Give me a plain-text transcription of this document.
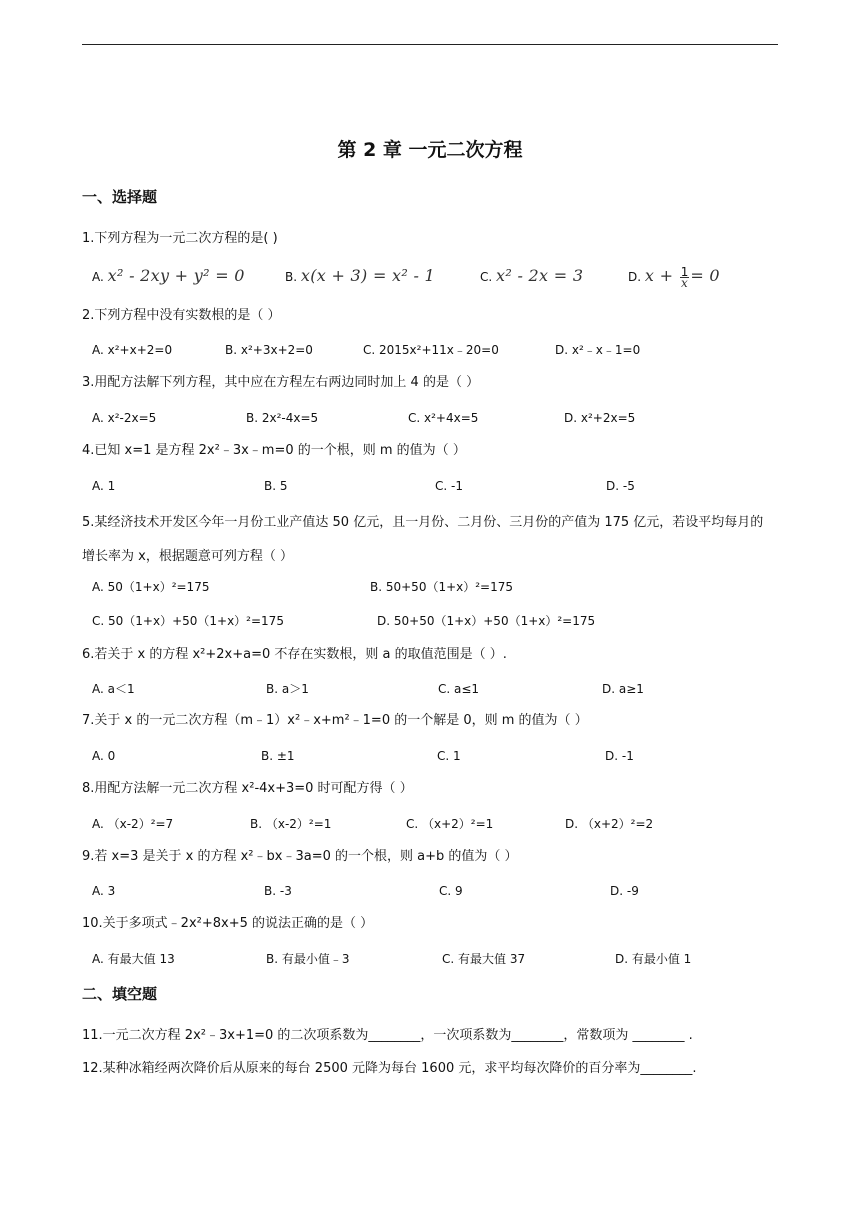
第 2 章 一元二次方程
一、选择题
1.下列方程为一元二次方程的是( )
A. x² - 2xy + y² = 0	B. x(x + 3) = x² - 1	C. x² - 2x = 3	D. $x + \frac{1}{x} = 0$
2.下列方程中没有实数根的是（ ）
A. x²+x+2=0	B. x²+3x+2=0	C. 2015x²+11x﹣20=0	D. x²﹣x﹣1=0
3.用配方法解下列方程，其中应在方程左右两边同时加上 4 的是（ ）
A. x²-2x=5	B. 2x²-4x=5	C. x²+4x=5	D. x²+2x=5
4.已知 x=1 是方程 2x²﹣3x﹣m=0 的一个根，则 m 的值为（ ）
A. 1	B. 5	C. -1	D. -5
5.某经济技术开发区今年一月份工业产值达 50 亿元，且一月份、二月份、三月份的产值为 175 亿元，若设平均每月的增长率为 x，根据题意可列方程（ ）
A. 50（1+x）²=175	B. 50+50（1+x）²=175
C. 50（1+x）+50（1+x）²=175	D. 50+50（1+x）+50（1+x）²=175
6.若关于 x 的方程 x²+2x+a=0 不存在实数根，则 a 的取值范围是（ ）.
A. a＜1	B. a＞1	C. a≤1	D. a≥1
7.关于 x 的一元二次方程（m﹣1）x²﹣x+m²﹣1=0 的一个解是 0，则 m 的值为（ ）
A. 0	B. ±1	C. 1	D. -1
8.用配方法解一元二次方程 x²-4x+3=0 时可配方得（ ）
A. （x-2）²=7	B. （x-2）²=1	C. （x+2）²=1	D. （x+2）²=2
9.若 x=3 是关于 x 的方程 x²﹣bx﹣3a=0 的一个根，则 a+b 的值为（ ）
A. 3	B. -3	C. 9	D. -9
10.关于多项式﹣2x²+8x+5 的说法正确的是（ ）
A. 有最大值 13	B. 有最小值﹣3	C. 有最大值 37	D. 有最小值 1
二、填空题
11.一元二次方程 2x²﹣3x+1=0 的二次项系数为________，一次项系数为________，常数项为 ________ .
12.某种冰箱经两次降价后从原来的每台 2500 元降为每台 1600 元，求平均每次降价的百分率为________.
